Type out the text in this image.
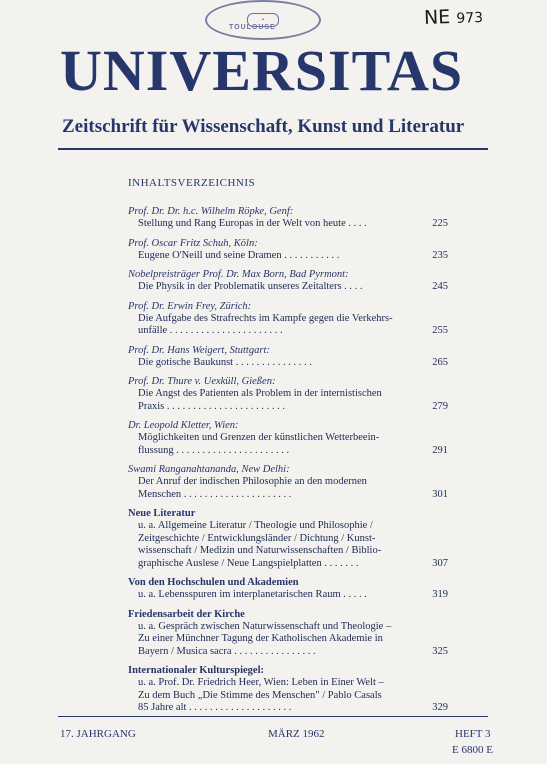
▪
TOULOUSE	NE 973
UNIVERSITAS

Zeitschrift für Wissenschaft, Kunst und Literatur

INHALTSVERZEICHNIS
Prof. Dr. Dr. h.c. Wilhelm Röpke, Genf:
Stellung und Rang Europas in der Welt von heute . . . .	225
Prof. Oscar Fritz Schuh, Köln:
Eugene O'Neill und seine Dramen . . . . . . . . . . .	235
Nobelpreisträger Prof. Dr. Max Born, Bad Pyrmont:
Die Physik in der Problematik unseres Zeitalters . . . .	245
Prof. Dr. Erwin Frey, Zürich:
Die Aufgabe des Strafrechts im Kampfe gegen die Verkehrs-
unfälle . . . . . . . . . . . . . . . . . . . . . .	255
Prof. Dr. Hans Weigert, Stuttgart:
Die gotische Baukunst . . . . . . . . . . . . . . .	265
Prof. Dr. Thure v. Uexküll, Gießen:
Die Angst des Patienten als Problem in der internistischen
Praxis . . . . . . . . . . . . . . . . . . . . . . .	279
Dr. Leopold Kletter, Wien:
Möglichkeiten und Grenzen der künstlichen Wetterbeein-
flussung . . . . . . . . . . . . . . . . . . . . . .	291
Swami Ranganahtananda, New Delhi:
Der Anruf der indischen Philosophie an den modernen
Menschen . . . . . . . . . . . . . . . . . . . . .	301
Neue Literatur
u. a. Allgemeine Literatur / Theologie und Philosophie /
Zeitgeschichte / Entwicklungsländer / Dichtung / Kunst-
wissenschaft / Medizin und Naturwissenschaften / Biblio-
graphische Auslese / Neue Langspielplatten . . . . . . .	307
Von den Hochschulen und Akademien
u. a. Lebensspuren im interplanetarischen Raum . . . . .	319
Friedensarbeit der Kirche
u. a. Gespräch zwischen Naturwissenschaft und Theologie –
Zu einer Münchner Tagung der Katholischen Akademie in
Bayern / Musica sacra . . . . . . . . . . . . . . . .	325
Internationaler Kulturspiegel:
u. a. Prof. Dr. Friedrich Heer, Wien: Leben in Einer Welt –
Zu dem Buch „Die Stimme des Menschen" / Pablo Casals
85 Jahre alt . . . . . . . . . . . . . . . . . . . .	329
17. JAHRGANG	MÄRZ 1962	HEFT 3
E 6800 E
